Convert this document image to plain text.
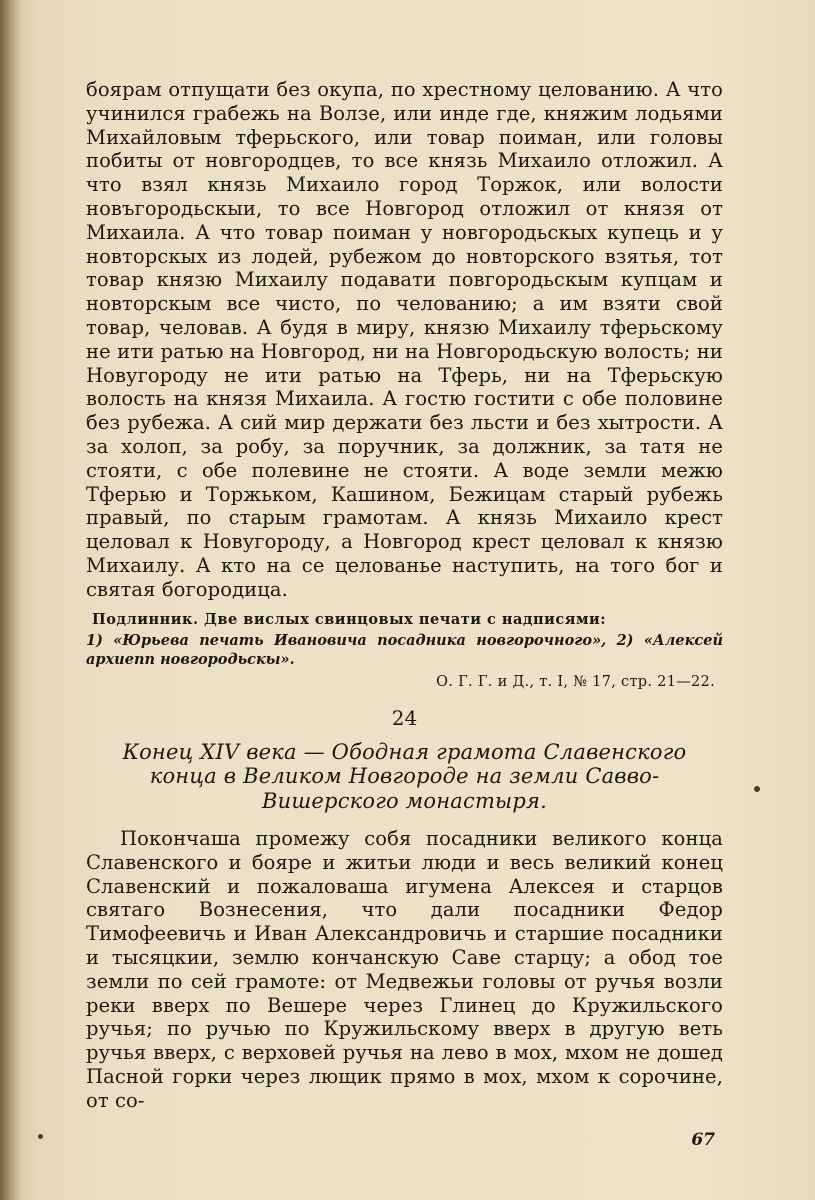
боярам отпущати без окупа, по хрестному целованию. А что учинился грабежь на Волзе, или инде где, княжим лодьями Михайловым тферьского, или товар поиман, или головы побиты от новгородцев, то все князь Михаило отложил. А что взял князь Михаило город Торжок, или волости новъгородьскыи, то все Новгород отложил от князя от Михаила. А что товар поиман у новгородьскых купець и у новторскых из лодей, рубежом до новторского взятья, тот товар князю Михаилу подавати повгородьскым купцам и новторскым все чисто, по челованию; а им взяти свой товар, челoвав. А будя в миру, князю Михаилу тферьскому не ити ратью на Новгород, ни на Новгородьскую волость; ни Новугороду не ити ратью на Тферь, ни на Тферьскую волость на князя Михаила. А гостю гостити с обе половине без рубежа. А сий мир держати без льсти и без хытрости. А за холоп, за робу, за поручник, за должник, за татя не стояти, с обе полевине не стояти. А воде земли межю Тферью и Торжьком, Кашином, Бежицам старый рубежь правый, по старым грамотам. А князь Михаило крест целовал к Новугороду, а Новгород крест целовал к князю Михаилу. А кто на се целованье наступить, на того бог и святая богородица.

Подлинник. Две вислых свинцовых печати с надписями:

1) «Юрьева печать Ивановича посадника новгорочного», 2) «Алексей архиепп новгородьскы».

О. Г. Г. и Д., т. I, № 17, стр. 21—22.

24
Конец XIV века — Ободная грамота Славенского конца в Великом Новгороде на земли Савво-Вишерского монастыря.

Покончаша промежу собя посадники великого конца Славенского и бояре и житьи люди и весь великий конец Славенский и пожаловаша игумена Алексея и старцов святаго Вознесения, что дали посадники Федор Тимофеевичь и Иван Александровичь и старшие посадники и тысяцкии, землю кончанскую Саве старцу; а обод тое земли по сей грамоте: от Медвежьи головы от ручья возли реки вверх по Вешере через Глинец до Кружильского ручья; по ручью по Кружильскому вверх в другую веть ручья вверх, с верховей ручья на лево в мох, мхом не дошед Пасной горки через лющик прямо в мох, мхом к сорочине, от со-

67
